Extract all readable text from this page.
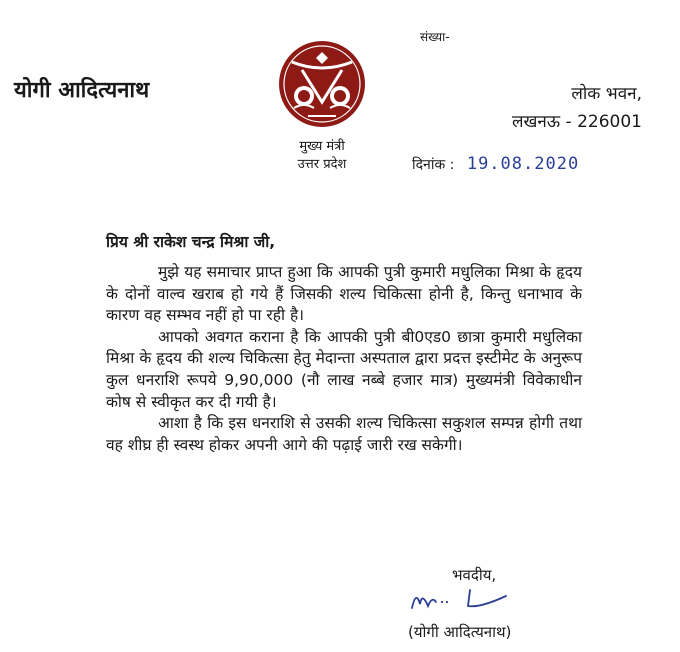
संख्या-
योगी आदित्यनाथ
मुख्य मंत्री
उत्तर प्रदेश
लोक भवन,
लखनऊ - 226001
दिनांक : 19.08.2020
प्रिय श्री राकेश चन्द्र मिश्रा जी,

मुझे यह समाचार प्राप्त हुआ कि आपकी पुत्री कुमारी मधुलिका मिश्रा के हृदय के दोनों वाल्व खराब हो गये हैं जिसकी शल्य चिकित्सा होनी है, किन्तु धनाभाव के कारण वह सम्भव नहीं हो पा रही है।

आपको अवगत कराना है कि आपकी पुत्री बी0एड0 छात्रा कुमारी मधुलिका मिश्रा के हृदय की शल्य चिकित्सा हेतु मेदान्ता अस्पताल द्वारा प्रदत्त इस्टीमेट के अनुरूप कुल धनराशि रूपये 9,90,000 (नौ लाख नब्बे हजार मात्र) मुख्यमंत्री विवेकाधीन कोष से स्वीकृत कर दी गयी है।

आशा है कि इस धनराशि से उसकी शल्य चिकित्सा सकुशल सम्पन्न होगी तथा वह शीघ्र ही स्वस्थ होकर अपनी आगे की पढ़ाई जारी रख सकेगी।

भवदीय,
(योगी आदित्यनाथ)
